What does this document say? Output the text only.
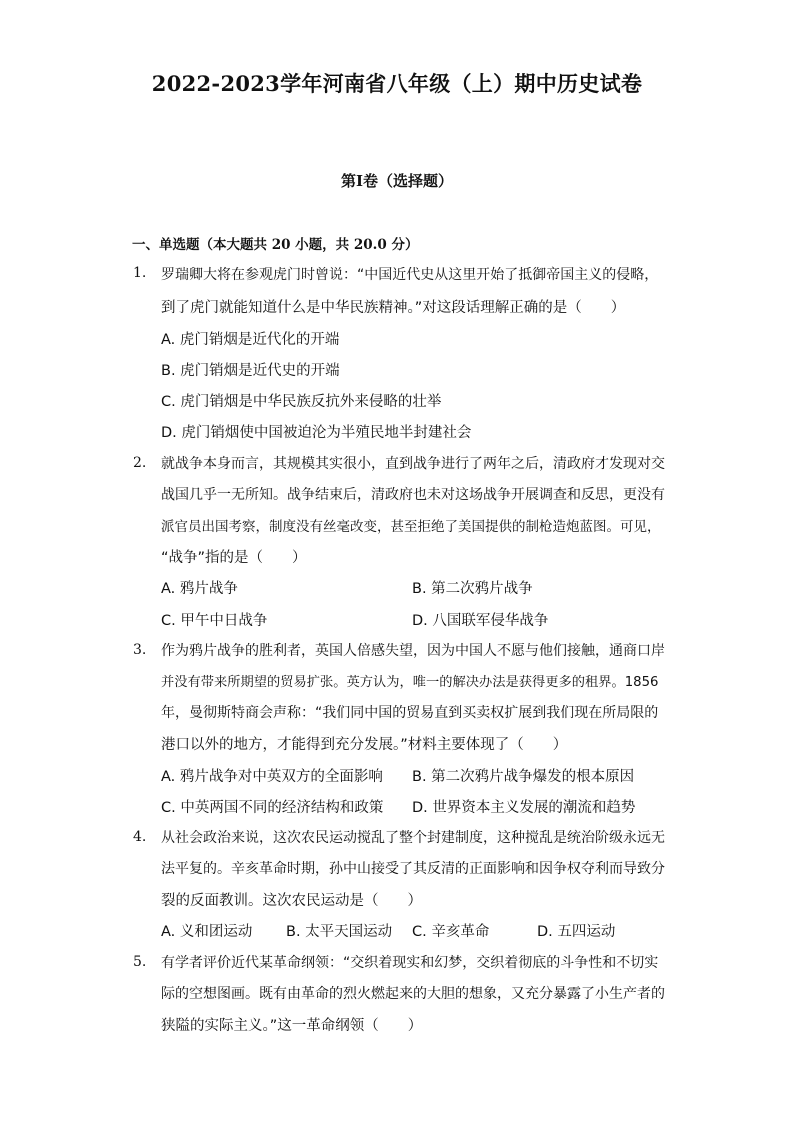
2022-2023学年河南省八年级（上）期中历史试卷
第Ⅰ卷（选择题）
一、单选题（本大题共 20 小题，共 20.0 分）
1. 罗瑞卿大将在参观虎门时曾说：“中国近代史从这里开始了抵御帝国主义的侵略，
到了虎门就能知道什么是中华民族精神。”对这段话理解正确的是（　　）
A. 虎门销烟是近代化的开端
B. 虎门销烟是近代史的开端
C. 虎门销烟是中华民族反抗外来侵略的壮举
D. 虎门销烟使中国被迫沦为半殖民地半封建社会
2. 就战争本身而言，其规模其实很小，直到战争进行了两年之后，清政府才发现对交
战国几乎一无所知。战争结束后，清政府也未对这场战争开展调查和反思，更没有
派官员出国考察，制度没有丝毫改变，甚至拒绝了美国提供的制枪造炮蓝图。可见，
“战争”指的是（　　）
A. 鸦片战争	B. 第二次鸦片战争
C. 甲午中日战争	D. 八国联军侵华战争
3. 作为鸦片战争的胜利者，英国人倍感失望，因为中国人不愿与他们接触，通商口岸
并没有带来所期望的贸易扩张。英方认为，唯一的解决办法是获得更多的租界。1856
年，曼彻斯特商会声称：“我们同中国的贸易直到买卖权扩展到我们现在所局限的
港口以外的地方，才能得到充分发展。”材料主要体现了（　　）
A. 鸦片战争对中英双方的全面影响 B. 第二次鸦片战争爆发的根本原因
C. 中英两国不同的经济结构和政策 D. 世界资本主义发展的潮流和趋势
4. 从社会政治来说，这次农民运动搅乱了整个封建制度，这种搅乱是统治阶级永远无
法平复的。辛亥革命时期，孙中山接受了其反清的正面影响和因争权夺利而导致分
裂的反面教训。这次农民运动是（　　）
A. 义和团运动 B. 太平天国运动 C. 辛亥革命	D. 五四运动
5. 有学者评价近代某革命纲领：“交织着现实和幻梦，交织着彻底的斗争性和不切实
际的空想图画。既有由革命的烈火燃起来的大胆的想象，又充分暴露了小生产者的
狭隘的实际主义。”这一革命纲领（　　）
